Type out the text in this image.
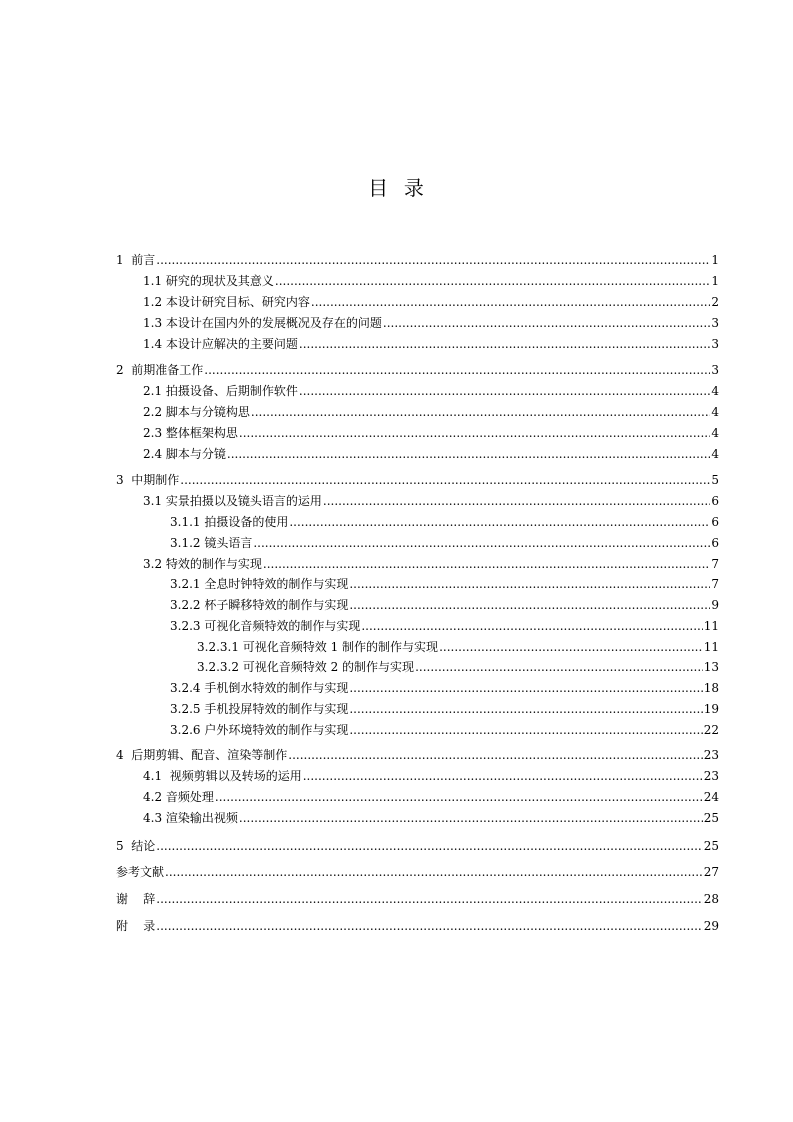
目  录
1  前言 .....	1
1.1 研究的现状及其意义 .....	1
1.2 本设计研究目标、研究内容 .....	2
1.3 本设计在国内外的发展概况及存在的问题 .....	3
1.4 本设计应解决的主要问题 .....	3
2  前期准备工作 .....	3
2.1 拍摄设备、后期制作软件 .....	4
2.2 脚本与分镜构思 .....	4
2.3 整体框架构思 .....	4
2.4 脚本与分镜 .....	4
3  中期制作 .....	5
3.1 实景拍摄以及镜头语言的运用 .....	6
3.1.1 拍摄设备的使用 .....	6
3.1.2 镜头语言 .....	6
3.2 特效的制作与实现 .....	7
3.2.1 全息时钟特效的制作与实现 .....	7
3.2.2 杯子瞬移特效的制作与实现 .....	9
3.2.3 可视化音频特效的制作与实现 .....	11
3.2.3.1 可视化音频特效 1 制作的制作与实现 .....	11
3.2.3.2 可视化音频特效 2 的制作与实现 .....	13
3.2.4 手机倒水特效的制作与实现 .....	18
3.2.5 手机投屏特效的制作与实现 .....	19
3.2.6 户外环境特效的制作与实现 .....	22
4  后期剪辑、配音、渲染等制作 .....	23
4.1  视频剪辑以及转场的运用 .....	23
4.2 音频处理 .....	24
4.3 渲染输出视频 .....	25
5  结论 .....	25
参考文献 .....	27
谢    辞 .....	28
附    录 .....	29
